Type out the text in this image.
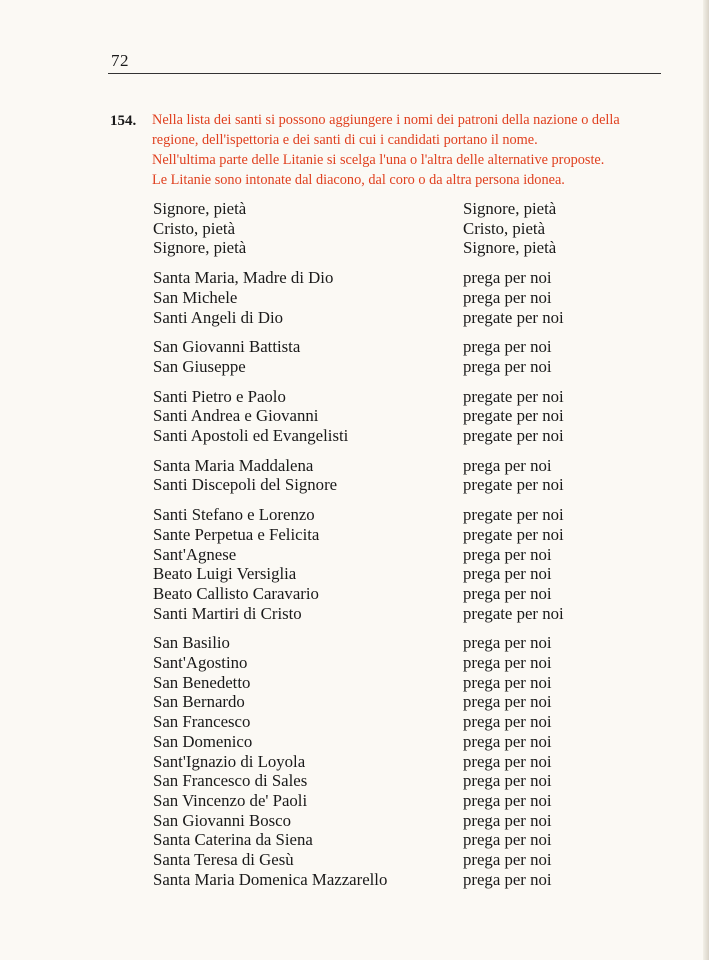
72
154. Nella lista dei santi si possono aggiungere i nomi dei patroni della nazione o della
regione, dell'ispettoria e dei santi di cui i candidati portano il nome.
Nell'ultima parte delle Litanie si scelga l'una o l'altra delle alternative proposte.
Le Litanie sono intonate dal diacono, dal coro o da altra persona idonea.
Signore, pietà	Signore, pietà
Cristo, pietà	Cristo, pietà
Signore, pietà	Signore, pietà
Santa Maria, Madre di Dio	prega per noi
San Michele	prega per noi
Santi Angeli di Dio	pregate per noi
San Giovanni Battista	prega per noi
San Giuseppe	prega per noi
Santi Pietro e Paolo	pregate per noi
Santi Andrea e Giovanni	pregate per noi
Santi Apostoli ed Evangelisti	pregate per noi
Santa Maria Maddalena	prega per noi
Santi Discepoli del Signore	pregate per noi
Santi Stefano e Lorenzo	pregate per noi
Sante Perpetua e Felicita	pregate per noi
Sant'Agnese	prega per noi
Beato Luigi Versiglia	prega per noi
Beato Callisto Caravario	prega per noi
Santi Martiri di Cristo	pregate per noi
San Basilio	prega per noi
Sant'Agostino	prega per noi
San Benedetto	prega per noi
San Bernardo	prega per noi
San Francesco	prega per noi
San Domenico	prega per noi
Sant'Ignazio di Loyola	prega per noi
San Francesco di Sales	prega per noi
San Vincenzo de' Paoli	prega per noi
San Giovanni Bosco	prega per noi
Santa Caterina da Siena	prega per noi
Santa Teresa di Gesù	prega per noi
Santa Maria Domenica Mazzarello	prega per noi
